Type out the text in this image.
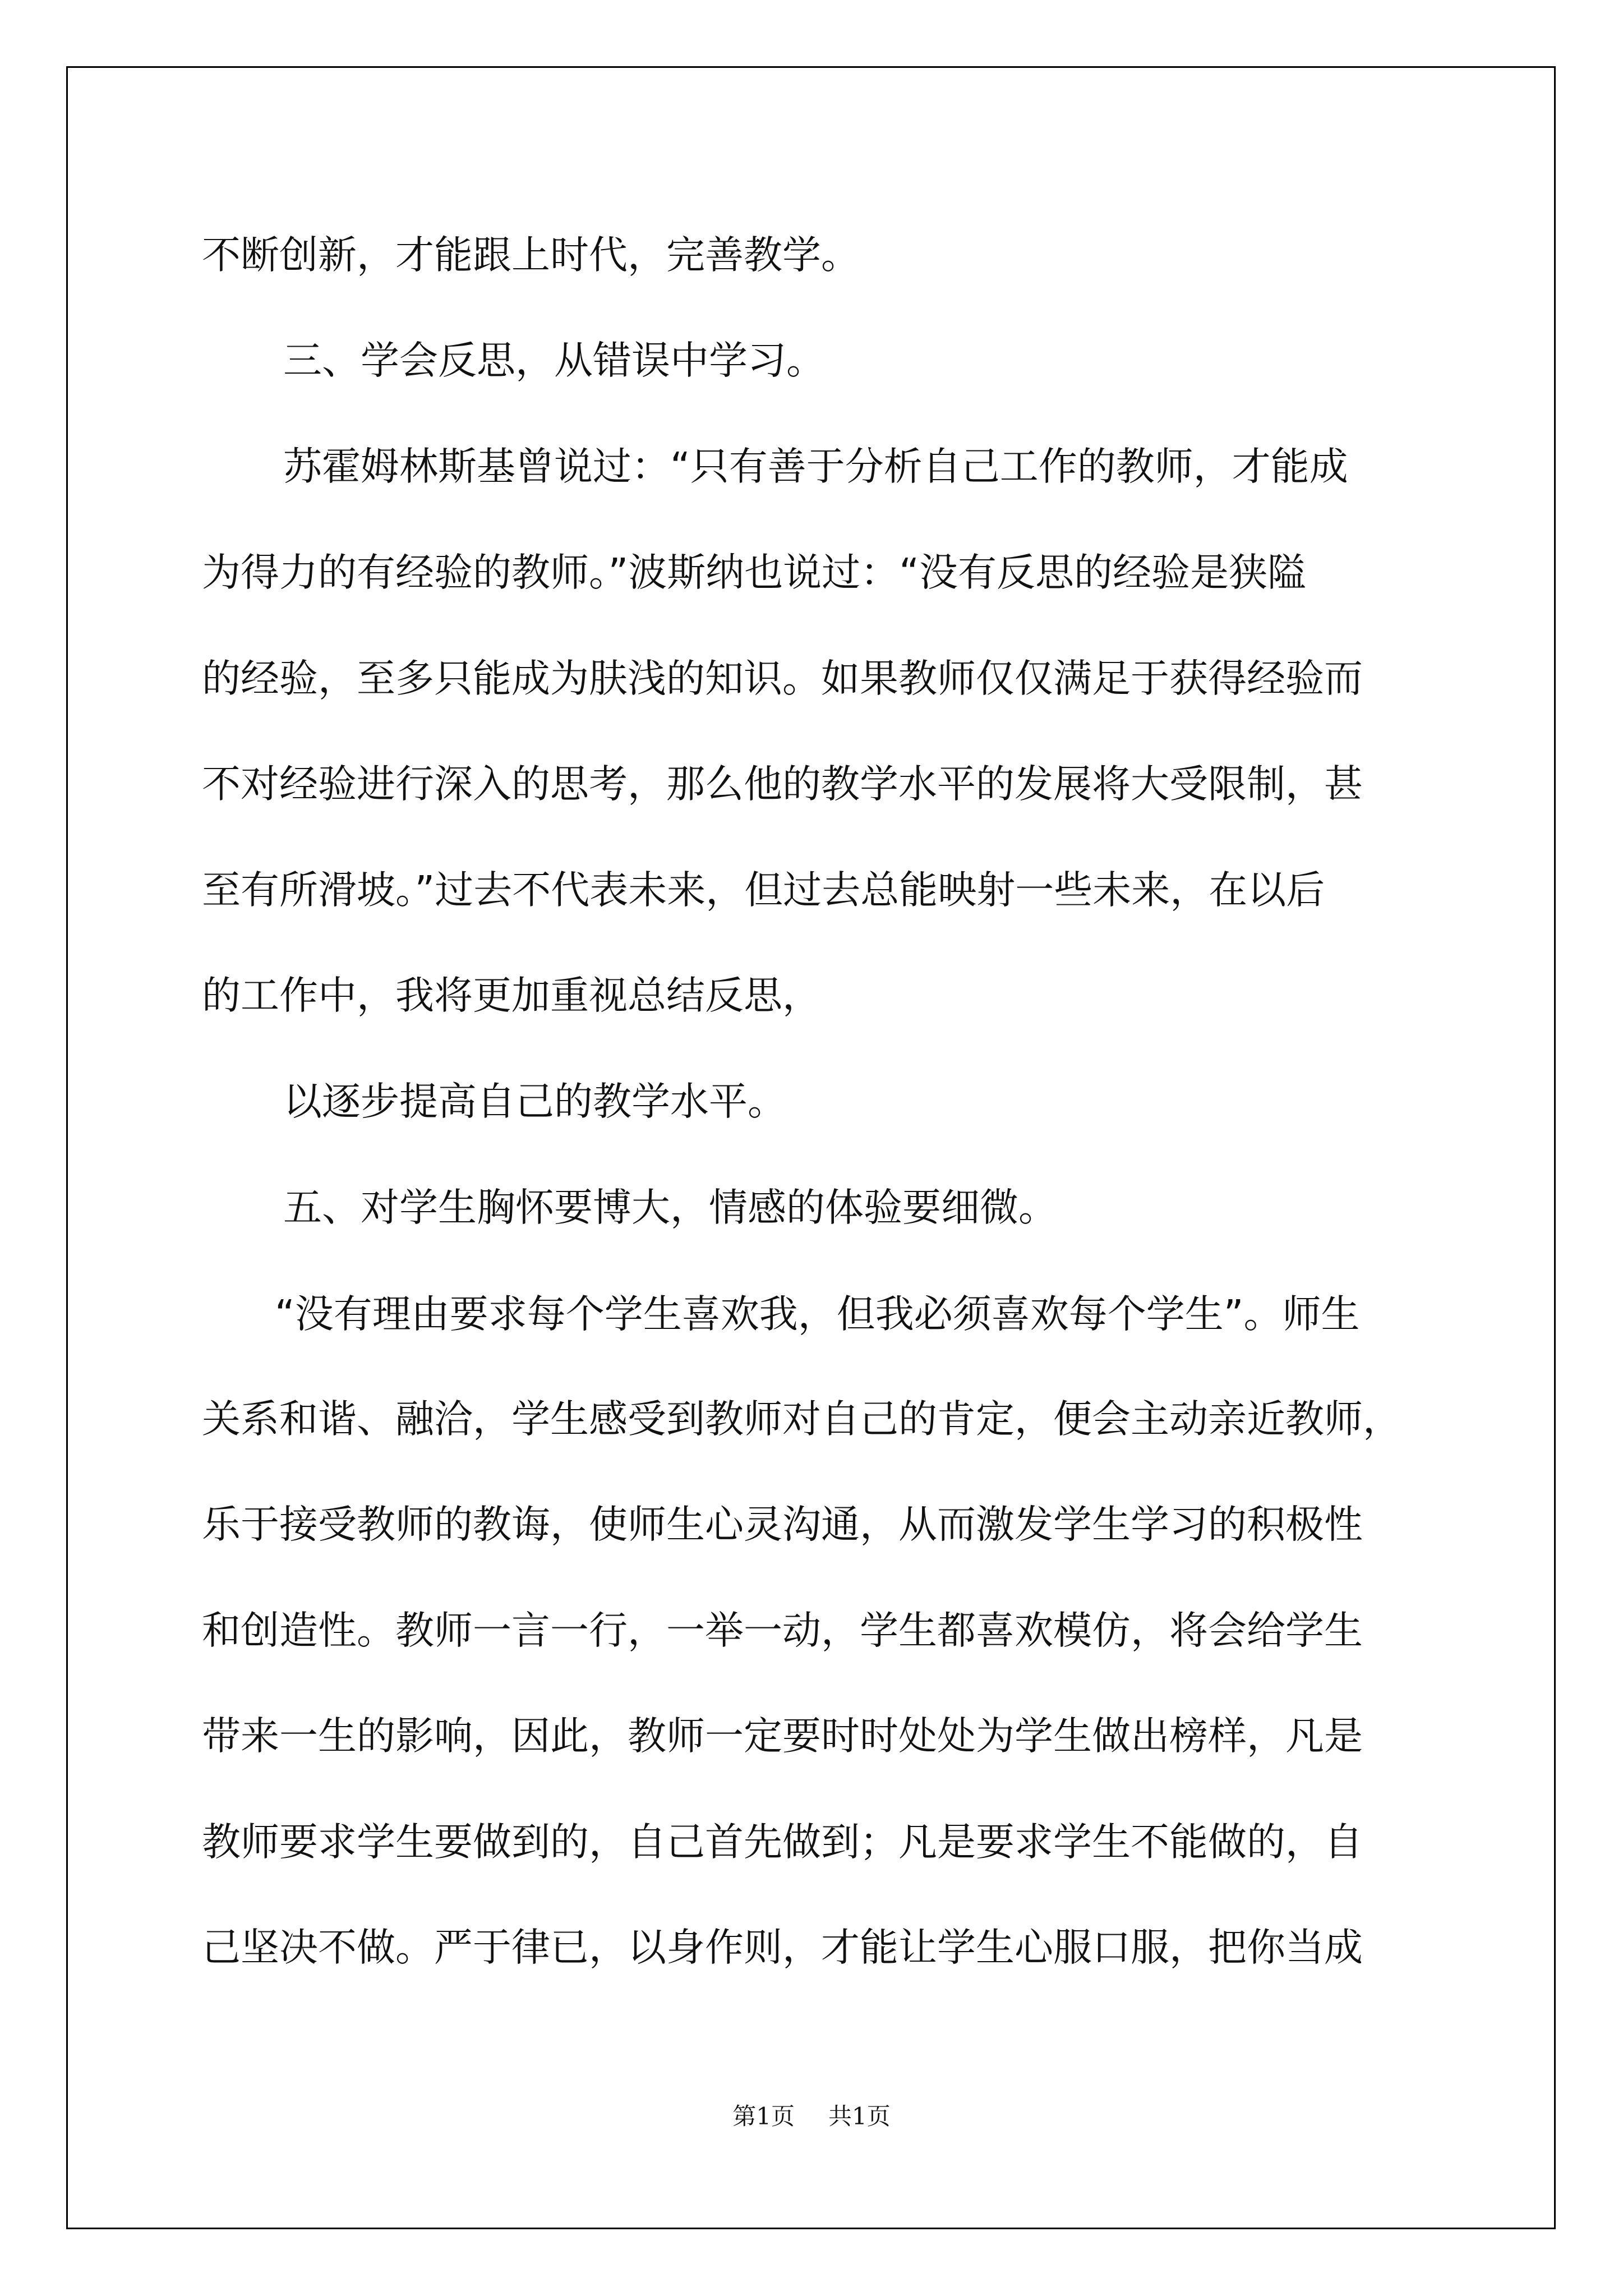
不断创新，才能跟上时代，完善教学。

三、学会反思，从错误中学习。

苏霍姆林斯基曾说过：“只有善于分析自己工作的教师，才能成

为得力的有经验的教师。”波斯纳也说过：“没有反思的经验是狭隘

的经验，至多只能成为肤浅的知识。如果教师仅仅满足于获得经验而

不对经验进行深入的思考，那么他的教学水平的发展将大受限制，甚

至有所滑坡。”过去不代表未来，但过去总能映射一些未来，在以后

的工作中，我将更加重视总结反思，

以逐步提高自己的教学水平。

五、对学生胸怀要博大，情感的体验要细微。

“没有理由要求每个学生喜欢我，但我必须喜欢每个学生”。师生

关系和谐、融洽，学生感受到教师对自己的肯定，便会主动亲近教师，

乐于接受教师的教诲，使师生心灵沟通，从而激发学生学习的积极性

和创造性。教师一言一行，一举一动，学生都喜欢模仿，将会给学生

带来一生的影响，因此，教师一定要时时处处为学生做出榜样，凡是

教师要求学生要做到的，自己首先做到；凡是要求学生不能做的，自

己坚决不做。严于律已，以身作则，才能让学生心服口服，把你当成

第1页 共1页
